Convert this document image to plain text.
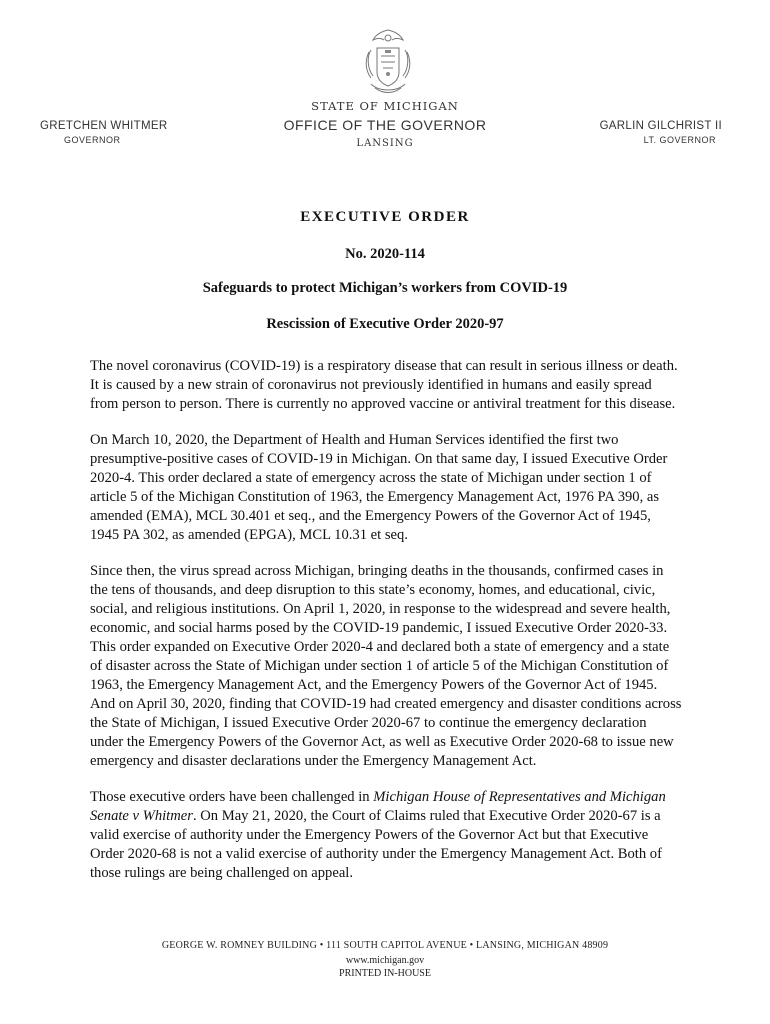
STATE OF MICHIGAN
OFFICE OF THE GOVERNOR
LANSING
GRETCHEN WHITMER
GOVERNOR
GARLIN GILCHRIST II
LT. GOVERNOR
EXECUTIVE ORDER
No. 2020-114
Safeguards to protect Michigan’s workers from COVID-19
Rescission of Executive Order 2020-97

The novel coronavirus (COVID-19) is a respiratory disease that can result in serious illness or death. It is caused by a new strain of coronavirus not previously identified in humans and easily spread from person to person. There is currently no approved vaccine or antiviral treatment for this disease.

On March 10, 2020, the Department of Health and Human Services identified the first two presumptive-positive cases of COVID-19 in Michigan. On that same day, I issued Executive Order 2020-4. This order declared a state of emergency across the state of Michigan under section 1 of article 5 of the Michigan Constitution of 1963, the Emergency Management Act, 1976 PA 390, as amended (EMA), MCL 30.401 et seq., and the Emergency Powers of the Governor Act of 1945, 1945 PA 302, as amended (EPGA), MCL 10.31 et seq.

Since then, the virus spread across Michigan, bringing deaths in the thousands, confirmed cases in the tens of thousands, and deep disruption to this state’s economy, homes, and educational, civic, social, and religious institutions. On April 1, 2020, in response to the widespread and severe health, economic, and social harms posed by the COVID-19 pandemic, I issued Executive Order 2020-33. This order expanded on Executive Order 2020-4 and declared both a state of emergency and a state of disaster across the State of Michigan under section 1 of article 5 of the Michigan Constitution of 1963, the Emergency Management Act, and the Emergency Powers of the Governor Act of 1945. And on April 30, 2020, finding that COVID-19 had created emergency and disaster conditions across the State of Michigan, I issued Executive Order 2020-67 to continue the emergency declaration under the Emergency Powers of the Governor Act, as well as Executive Order 2020-68 to issue new emergency and disaster declarations under the Emergency Management Act.

Those executive orders have been challenged in Michigan House of Representatives and Michigan Senate v Whitmer. On May 21, 2020, the Court of Claims ruled that Executive Order 2020-67 is a valid exercise of authority under the Emergency Powers of the Governor Act but that Executive Order 2020-68 is not a valid exercise of authority under the Emergency Management Act. Both of those rulings are being challenged on appeal.

GEORGE W. ROMNEY BUILDING • 111 SOUTH CAPITOL AVENUE • LANSING, MICHIGAN 48909
www.michigan.gov
PRINTED IN-HOUSE
